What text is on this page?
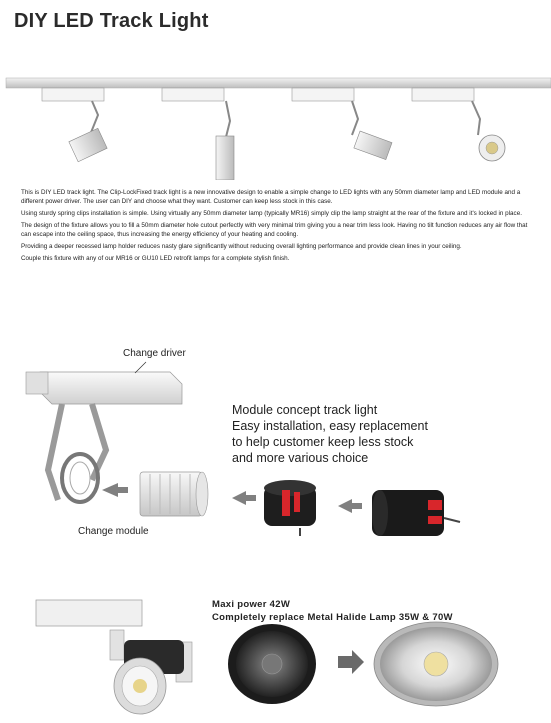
DIY LED Track Light

This is DIY LED track light. The Clip-LockFixed track light is a new innovative design to enable a simple change to LED lights with any 50mm diameter lamp and LED module and a different power driver. The user can DIY and choose what they want. Customer can keep less stock in this case.

Using sturdy spring clips installation is simple. Using virtually any 50mm diameter lamp (typically MR16) simply clip the lamp straight at the rear of the fixture and it's locked in place.

The design of the fixture allows you to fill a 50mm diameter hole cutout perfectly with very minimal trim giving you a near trim less look. Having no tilt function reduces any air flow that can escape into the ceiling space, thus increasing the energy efficiency of your heating and cooling.

Providing a deeper recessed lamp holder reduces nasty glare significantly without reducing overall lighting performance and provide clean lines in your ceiling.

Couple this fixture with any of our MR16 or GU10 LED retrofit lamps for a complete stylish finish.

Change driver
Change module
Module concept track light
Easy installation, easy replacement
to help customer keep less stock
and more various choice
Maxi power 42W
Completely replace Metal Halide Lamp 35W & 70W
